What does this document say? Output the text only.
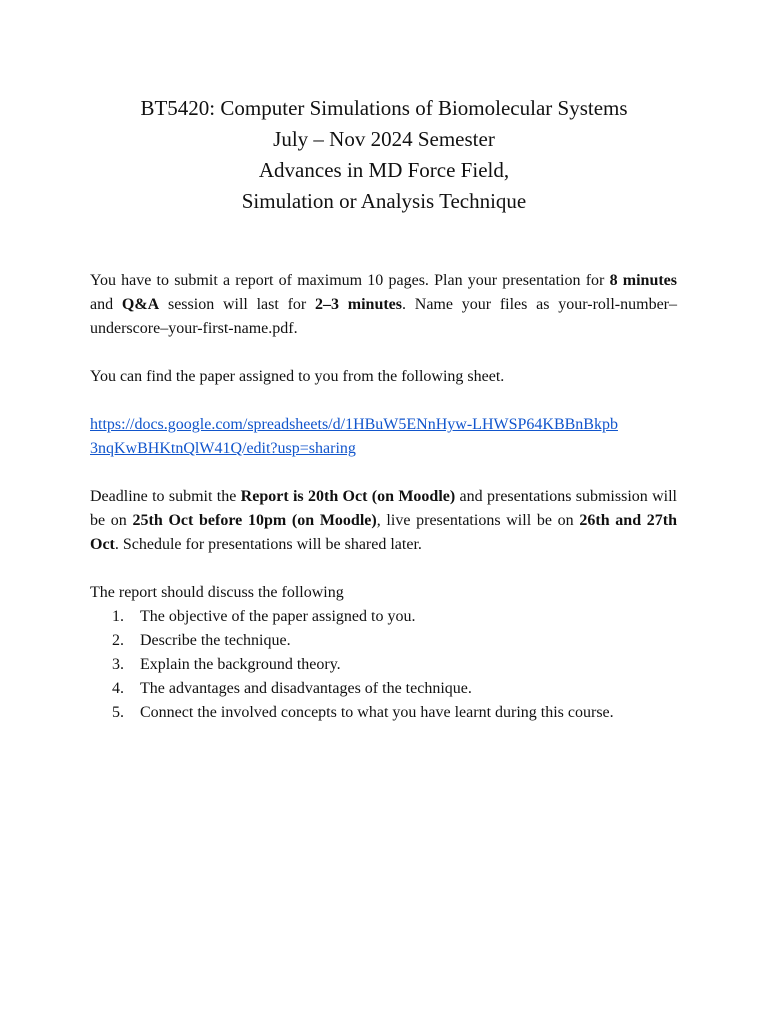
BT5420: Computer Simulations of Biomolecular Systems
July – Nov 2024 Semester
Advances in MD Force Field,
Simulation or Analysis Technique

You have to submit a report of maximum 10 pages. Plan your presentation for 8 minutes and Q&A session will last for 2–3 minutes. Name your files as your-roll-number–underscore–your-first-name.pdf.

You can find the paper assigned to you from the following sheet.

https://docs.google.com/spreadsheets/d/1HBuW5ENnHyw-LHWSP64KBBnBkpb
3nqKwBHKtnQlW41Q/edit?usp=sharing

Deadline to submit the Report is 20th Oct (on Moodle) and presentations submission will be on 25th Oct before 10pm (on Moodle), live presentations will be on 26th and 27th Oct. Schedule for presentations will be shared later.

The report should discuss the following

1. The objective of the paper assigned to you.
2. Describe the technique.
3. Explain the background theory.
4. The advantages and disadvantages of the technique.
5. Connect the involved concepts to what you have learnt during this course.
